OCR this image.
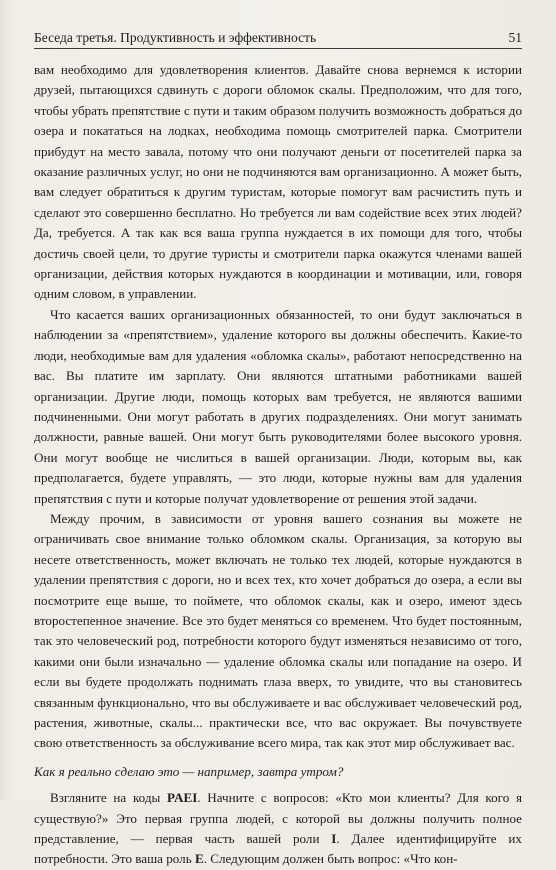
Беседа третья. Продуктивность и эффективность	51

вам необходимо для удовлетворения клиентов. Давайте снова вернемся к истории друзей, пытающихся сдвинуть с дороги обломок скалы. Предположим, что для того, чтобы убрать препятствие с пути и таким образом получить возможность добраться до озера и покататься на лодках, необходима помощь смотрителей парка. Смотрители прибудут на место завала, потому что они получают деньги от посетителей парка за оказание различных услуг, но они не подчиняются вам организационно. А может быть, вам следует обратиться к другим туристам, которые помогут вам расчистить путь и сделают это совершенно бесплатно. Но требуется ли вам содействие всех этих людей? Да, требуется. А так как вся ваша группа нуждается в их помощи для того, чтобы достичь своей цели, то другие туристы и смотрители парка окажутся членами вашей организации, действия которых нуждаются в координации и мотивации, или, говоря одним словом, в управлении.

Что касается ваших организационных обязанностей, то они будут заключаться в наблюдении за «препятствием», удаление которого вы должны обеспечить. Какие-то люди, необходимые вам для удаления «обломка скалы», работают непосредственно на вас. Вы платите им зарплату. Они являются штатными работниками вашей организации. Другие люди, помощь которых вам требуется, не являются вашими подчиненными. Они могут работать в других подразделениях. Они могут занимать должности, равные вашей. Они могут быть руководителями более высокого уровня. Они могут вообще не числиться в вашей организации. Люди, которым вы, как предполагается, будете управлять, — это люди, которые нужны вам для удаления препятствия с пути и которые получат удовлетворение от решения этой задачи.

Между прочим, в зависимости от уровня вашего сознания вы можете не ограничивать свое внимание только обломком скалы. Организация, за которую вы несете ответственность, может включать не только тех людей, которые нуждаются в удалении препятствия с дороги, но и всех тех, кто хочет добраться до озера, а если вы посмотрите еще выше, то поймете, что обломок скалы, как и озеро, имеют здесь второстепенное значение. Все это будет меняться со временем. Что будет постоянным, так это человеческий род, потребности которого будут изменяться независимо от того, какими они были изначально — удаление обломка скалы или попадание на озеро. И если вы будете продолжать поднимать глаза вверх, то увидите, что вы становитесь связанным функционально, что вы обслуживаете и вас обслуживает человеческий род, растения, животные, скалы... практически все, что вас окружает. Вы почувствуете свою ответственность за обслуживание всего мира, так как этот мир обслуживает вас.

Как я реально сделаю это — например, завтра утром?

Взгляните на коды PAEI. Начните с вопросов: «Кто мои клиенты? Для кого я существую?» Это первая группа людей, с которой вы должны получить полное представление, — первая часть вашей роли I. Далее идентифицируйте их потребности. Это ваша роль E. Следующим должен быть вопрос: «Что кон-
